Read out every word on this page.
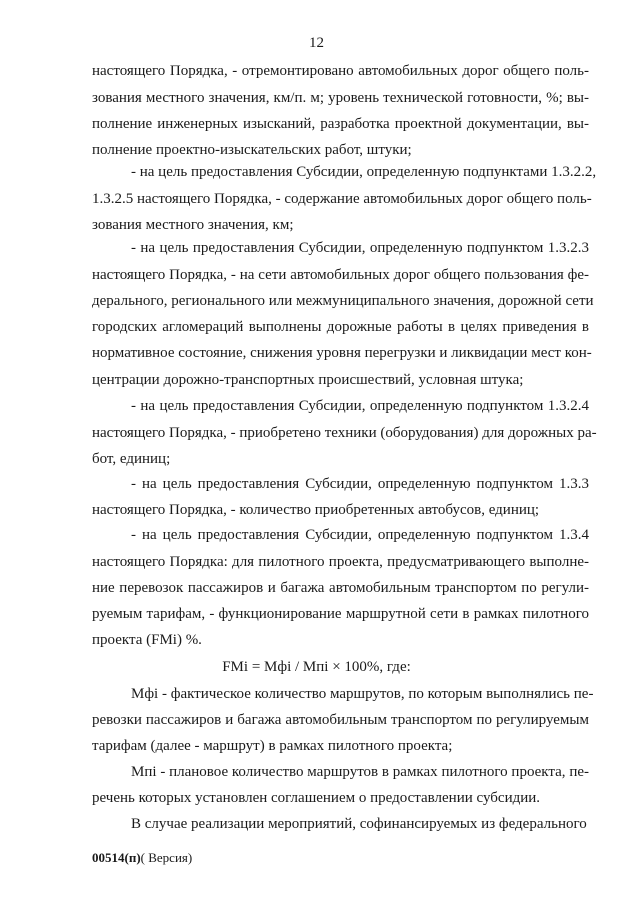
12
настоящего Порядка, - отремонтировано автомобильных дорог общего поль-
зования местного значения, км/п. м; уровень технической готовности, %; вы-
полнение инженерных изысканий, разработка проектной документации, вы-
полнение проектно-изыскательских работ, штуки;
- на цель предоставления Субсидии, определенную подпунктами 1.3.2.2,
1.3.2.5 настоящего Порядка, - содержание автомобильных дорог общего поль-
зования местного значения, км;
- на цель предоставления Субсидии, определенную подпунктом 1.3.2.3
настоящего Порядка, - на сети автомобильных дорог общего пользования фе-
дерального, регионального или межмуниципального значения, дорожной сети
городских агломераций выполнены дорожные работы в целях приведения в
нормативное состояние, снижения уровня перегрузки и ликвидации мест кон-
центрации дорожно-транспортных происшествий, условная штука;
- на цель предоставления Субсидии, определенную подпунктом 1.3.2.4
настоящего Порядка, - приобретено техники (оборудования) для дорожных ра-
бот, единиц;
- на цель предоставления Субсидии, определенную подпунктом 1.3.3
настоящего Порядка, - количество приобретенных автобусов, единиц;
- на цель предоставления Субсидии, определенную подпунктом 1.3.4
настоящего Порядка: для пилотного проекта, предусматривающего выполне-
ние перевозок пассажиров и багажа автомобильным транспортом по регули-
руемым тарифам, - функционирование маршрутной сети в рамках пилотного
проекта (FMi) %.
FMi = Мфi / Мпi × 100%, где:
Мфi - фактическое количество маршрутов, по которым выполнялись пе-
ревозки пассажиров и багажа автомобильным транспортом по регулируемым
тарифам (далее - маршрут) в рамках пилотного проекта;
Мпi - плановое количество маршрутов в рамках пилотного проекта, пе-
речень которых установлен соглашением о предоставлении субсидии.
В случае реализации мероприятий, софинансируемых из федерального
00514(п)( Версия)
